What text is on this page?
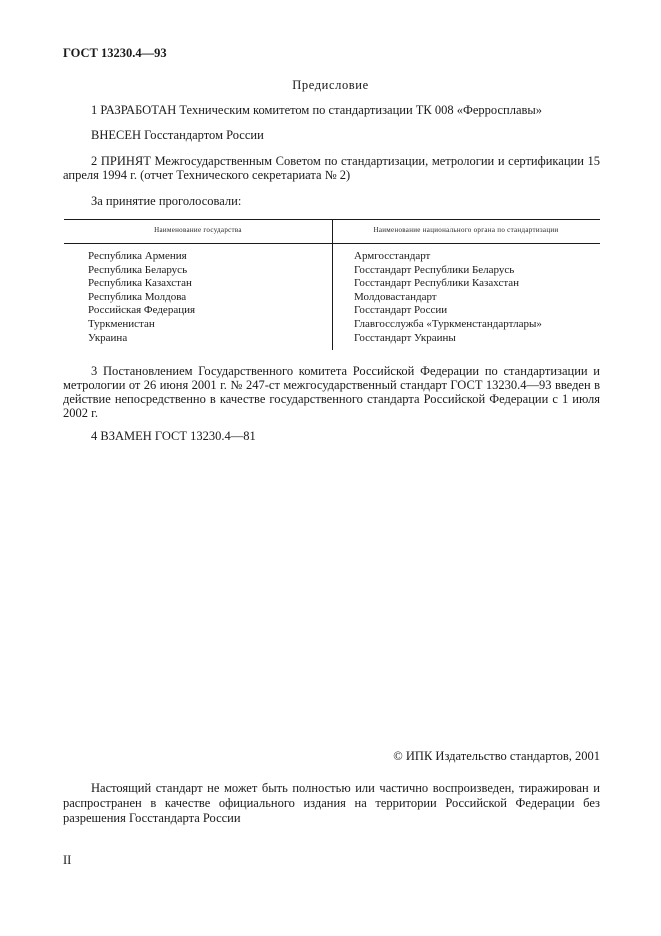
ГОСТ 13230.4—93
Предисловие
1 РАЗРАБОТАН Техническим комитетом по стандартизации ТК 008 «Ферросплавы»
ВНЕСЕН Госстандартом России
2 ПРИНЯТ Межгосударственным Советом по стандартизации, метрологии и сертификации 15 апреля 1994 г. (отчет Технического секретариата № 2)
За принятие проголосовали:
Наименование государства	Наименование национального органа по стандартизации
Республика Армения
Республика Беларусь
Республика Казахстан
Республика Молдова
Российская Федерация
Туркменистан
Украина
Армгосстандарт
Госстандарт Республики Беларусь
Госстандарт Республики Казахстан
Молдовастандарт
Госстандарт России
Главгосслужба «Туркменстандартлары»
Госстандарт Украины
3 Постановлением Государственного комитета Российской Федерации по стандартизации и метрологии от 26 июня 2001 г. № 247-ст межгосударственный стандарт ГОСТ 13230.4—93 введен в действие непосредственно в качестве государственного стандарта Российской Федерации с 1 июля 2002 г.
4 ВЗАМЕН ГОСТ 13230.4—81
© ИПК Издательство стандартов, 2001
Настоящий стандарт не может быть полностью или частично воспроизведен, тиражирован и распространен в качестве официального издания на территории Российской Федерации без разрешения Госстандарта России
II
